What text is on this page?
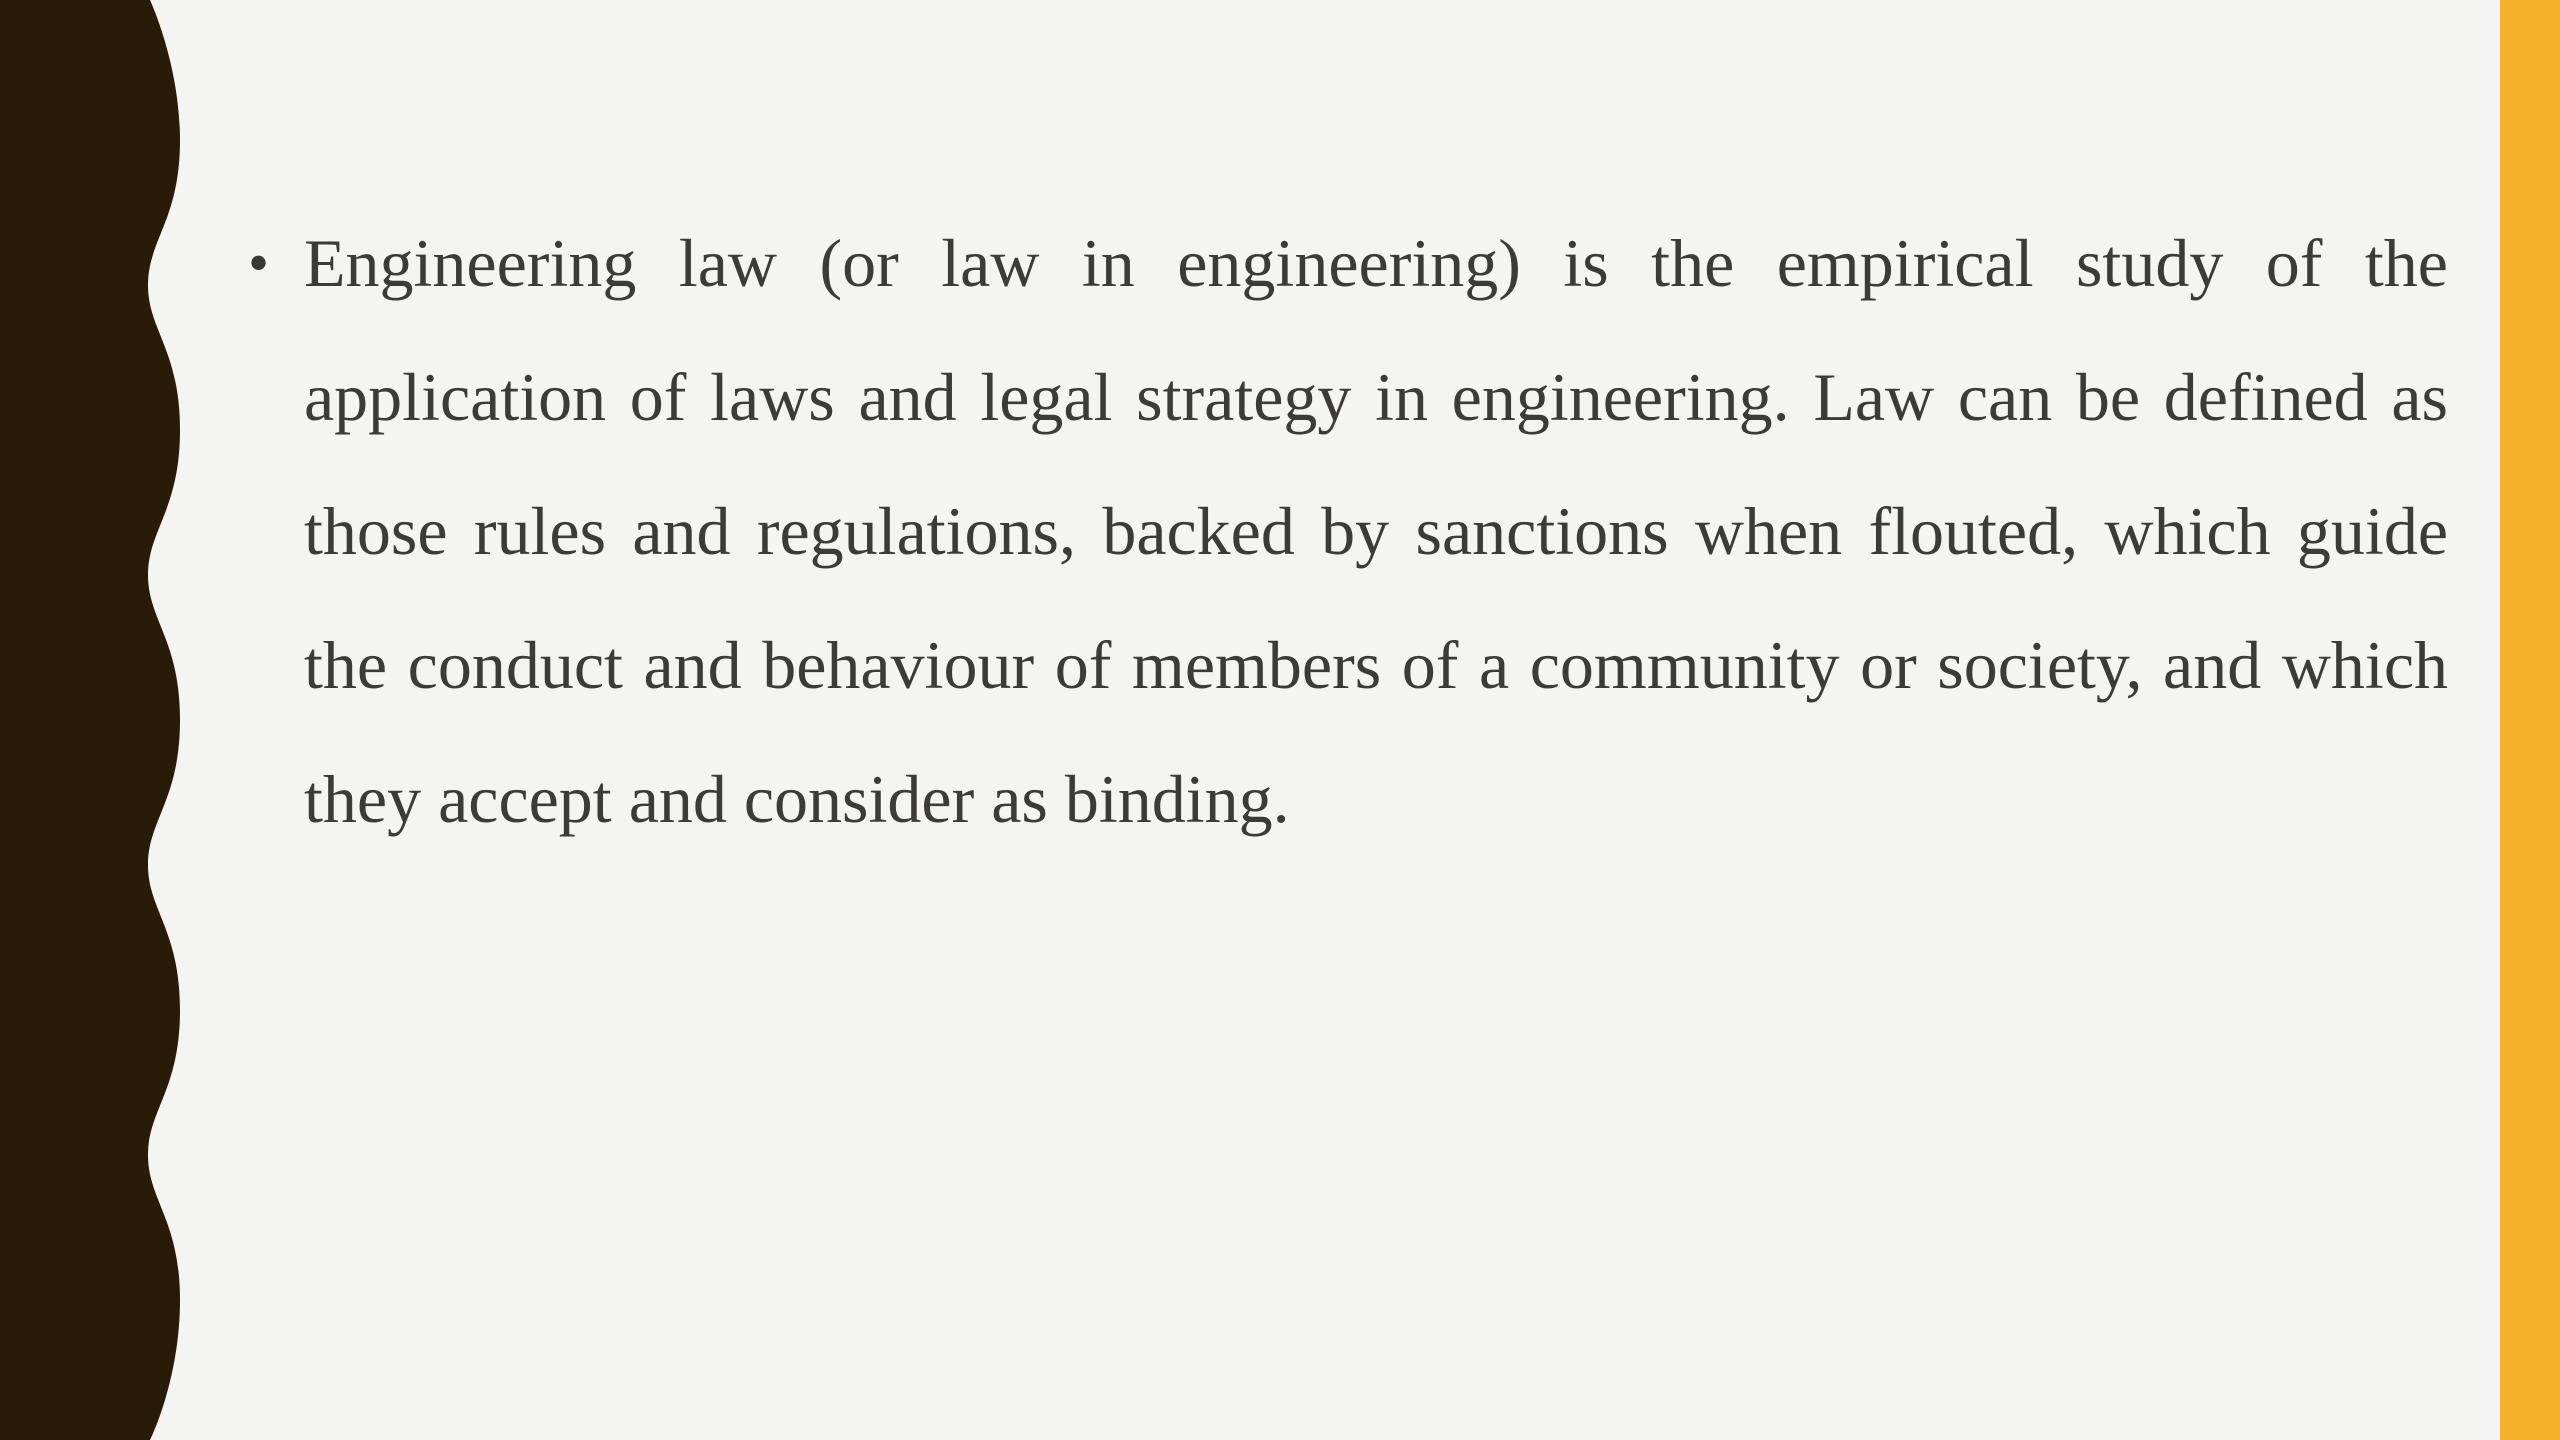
• Engineering law (or law in engineering) is the empirical study of the application of laws and legal strategy in engineering. Law can be defined as those rules and regulations, backed by sanctions when flouted, which guide the conduct and behaviour of members of a community or society, and which they accept and consider as binding.
